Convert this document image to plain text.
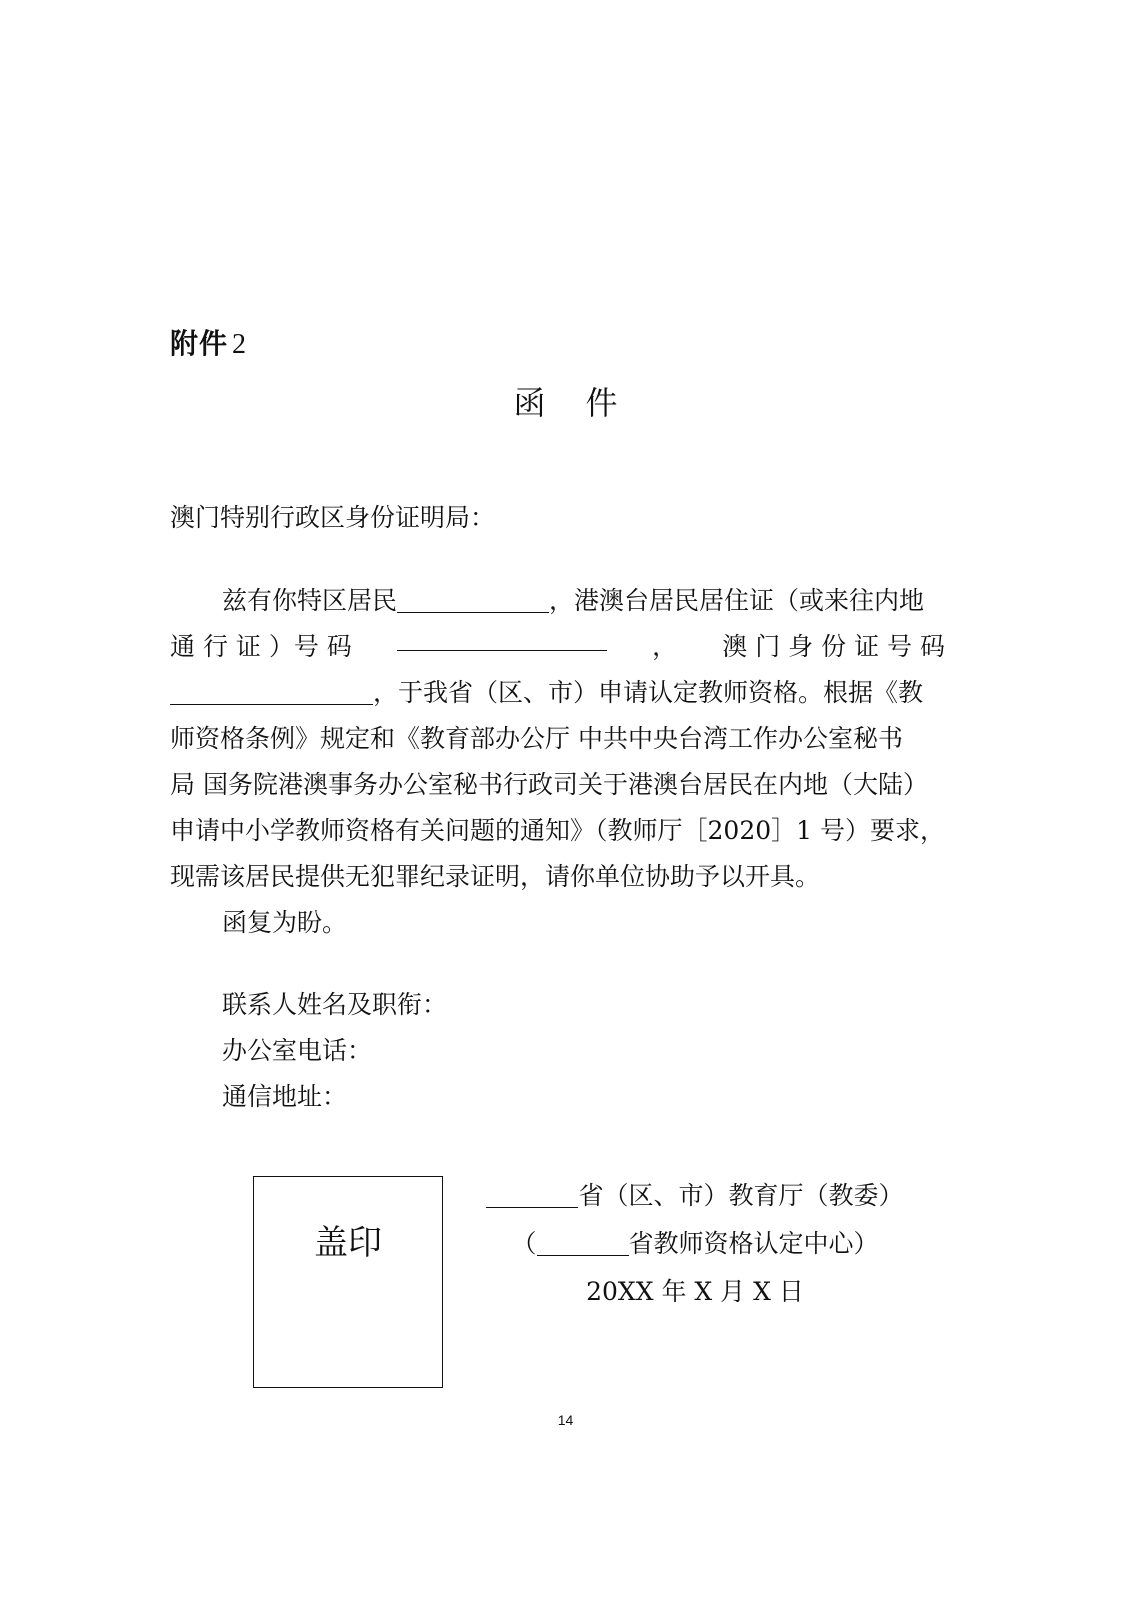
附件 2
函件
澳门特别行政区身份证明局：
兹有你特区居民	，港澳台居民居住证（或来往内地
通 行 证 ）号 码	， 澳 门 身 份 证 号 码
，于我省（区、市）申请认定教师资格。根据《教
师资格条例》规定和《教育部办公厅 中共中央台湾工作办公室秘书
局 国务院港澳事务办公室秘书行政司关于港澳台居民在内地（大陆）
申请中小学教师资格有关问题的通知》（教师厅［2020］1 号）要求，
现需该居民提供无犯罪纪录证明，请你单位协助予以开具。
函复为盼。
联系人姓名及职衔：
办公室电话：
通信地址：
盖印
省（区、市）教育厅（教委）
（	省教师资格认定中心）
20XX 年 X 月 X 日
14
